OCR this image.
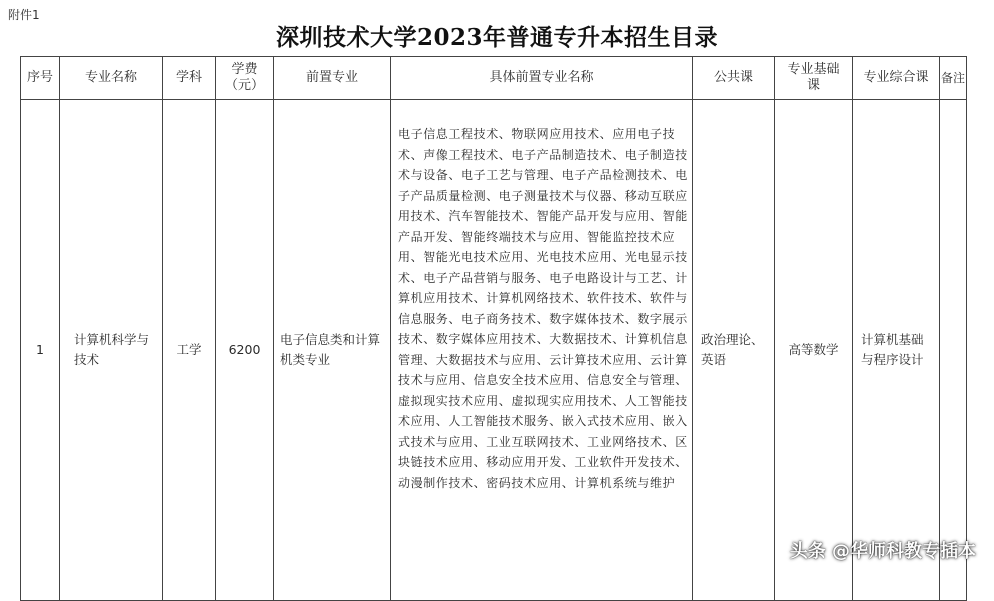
附件1
深圳技术大学2023年普通专升本招生目录
序号	专业名称	学科	学费（元）	前置专业	具体前置专业名称	公共课	专业基础课	专业综合课	备注
1	计算机科学与技术	工学	6200	电子信息类和计算机类专业	电子信息工程技术、物联网应用技术、应用电子技术、声像工程技术、电子产品制造技术、电子制造技术与设备、电子工艺与管理、电子产品检测技术、电子产品质量检测、电子测量技术与仪器、移动互联应用技术、汽车智能技术、智能产品开发与应用、智能产品开发、智能终端技术与应用、智能监控技术应用、智能光电技术应用、光电技术应用、光电显示技术、电子产品营销与服务、电子电路设计与工艺、计算机应用技术、计算机网络技术、软件技术、软件与信息服务、电子商务技术、数字媒体技术、数字展示技术、数字媒体应用技术、大数据技术、计算机信息管理、大数据技术与应用、云计算技术应用、云计算技术与应用、信息安全技术应用、信息安全与管理、虚拟现实技术应用、虚拟现实应用技术、人工智能技术应用、人工智能技术服务、嵌入式技术应用、嵌入式技术与应用、工业互联网技术、工业网络技术、区块链技术应用、移动应用开发、工业软件开发技术、动漫制作技术、密码技术应用、计算机系统与维护	政治理论、英语	高等数学	计算机基础与程序设计	
头条 @华师科教专插本
